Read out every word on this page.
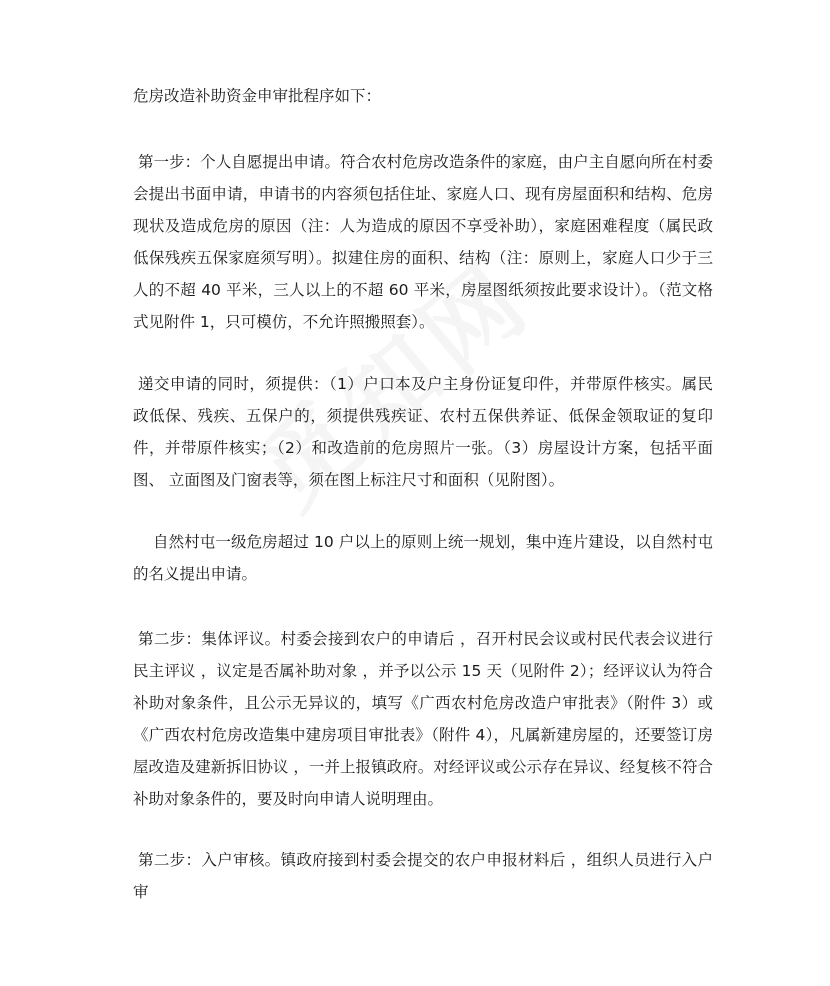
危房改造补助资金申审批程序如下：

第一步：个人自愿提出申请。符合农村危房改造条件的家庭，由户主自愿向所在村委会提出书面申请，申请书的内容须包括住址、家庭人口、现有房屋面积和结构、危房现状及造成危房的原因（注：人为造成的原因不享受补助），家庭困难程度（属民政低保残疾五保家庭须写明）。拟建住房的面积、结构（注：原则上，家庭人口少于三人的不超 40 平米，三人以上的不超 60 平米，房屋图纸须按此要求设计）。（范文格式见附件 1，只可模仿，不允许照搬照套）。

递交申请的同时，须提供：（1）户口本及户主身份证复印件，并带原件核实。属民政低保、残疾、五保户的，须提供残疾证、农村五保供养证、低保金领取证的复印件，并带原件核实；（2）和改造前的危房照片一张。（3）房屋设计方案，包括平面图、 立面图及门窗表等，须在图上标注尺寸和面积（见附图）。

自然村屯一级危房超过 10 户以上的原则上统一规划，集中连片建设，以自然村屯的名义提出申请。

第二步：集体评议。村委会接到农户的申请后 ，召开村民会议或村民代表会议进行民主评议 ，议定是否属补助对象 ，并予以公示 15 天（见附件 2）；经评议认为符合补助对象条件，且公示无异议的，填写《广西农村危房改造户审批表》（附件 3）或《广西农村危房改造集中建房项目审批表》（附件 4），凡属新建房屋的，还要签订房屋改造及建新拆旧协议 ，一并上报镇政府。对经评议或公示存在异议、经复核不符合补助对象条件的，要及时向申请人说明理由。

第二步：入户审核。镇政府接到村委会提交的农户申报材料后 ，组织人员进行入户审
